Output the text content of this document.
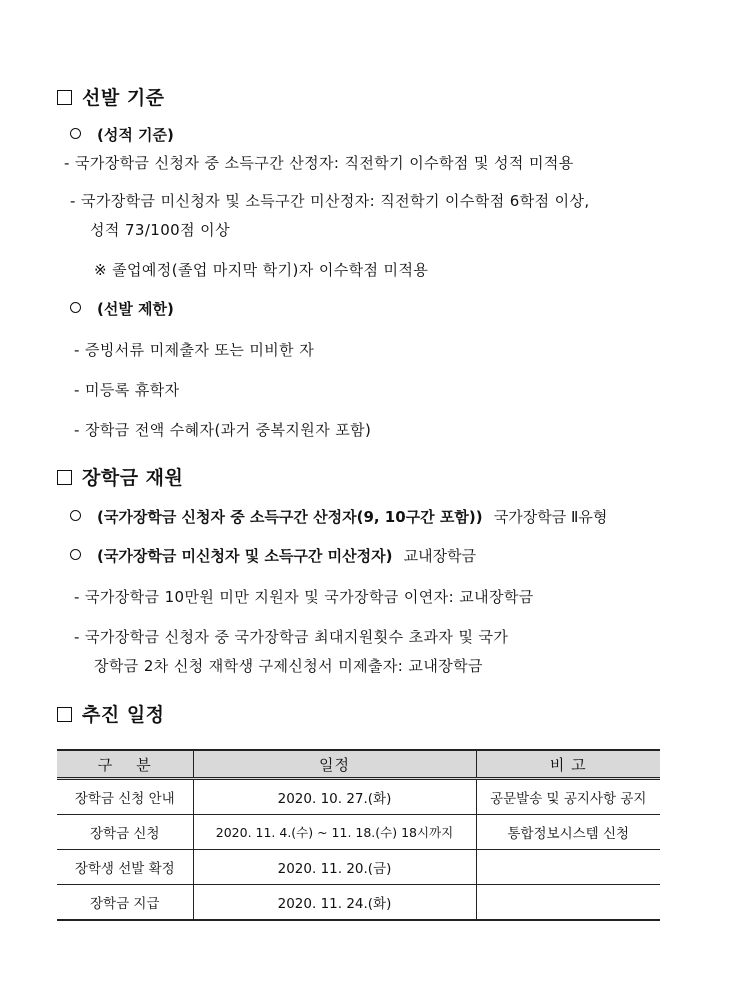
선발 기준
(성적 기준)
- 국가장학금 신청자 중 소득구간 산정자: 직전학기 이수학점 및 성적 미적용
- 국가장학금 미신청자 및 소득구간 미산정자: 직전학기 이수학점 6학점 이상,
성적 73/100점 이상
※ 졸업예정(졸업 마지막 학기)자 이수학점 미적용
(선발 제한)
- 증빙서류 미제출자 또는 미비한 자
- 미등록 휴학자
- 장학금 전액 수혜자(과거 중복지원자 포함)
장학금 재원
(국가장학금 신청자 중 소득구간 산정자(9, 10구간 포함)) 국가장학금 Ⅱ유형
(국가장학금 미신청자 및 소득구간 미산정자) 교내장학금
- 국가장학금 10만원 미만 지원자 및 국가장학금 이연자: 교내장학금
- 국가장학금 신청자 중 국가장학금 최대지원횟수 초과자 및 국가
장학금 2차 신청 재학생 구제신청서 미제출자: 교내장학금
추진 일정
구    분	일정	비 고
장학금 신청 안내	2020. 10. 27.(화)	공문발송 및 공지사항 공지
장학금 신청	2020. 11. 4.(수) ~ 11. 18.(수) 18시까지	통합정보시스템 신청
장학생 선발 확정	2020. 11. 20.(금)	
장학금 지급	2020. 11. 24.(화)	
